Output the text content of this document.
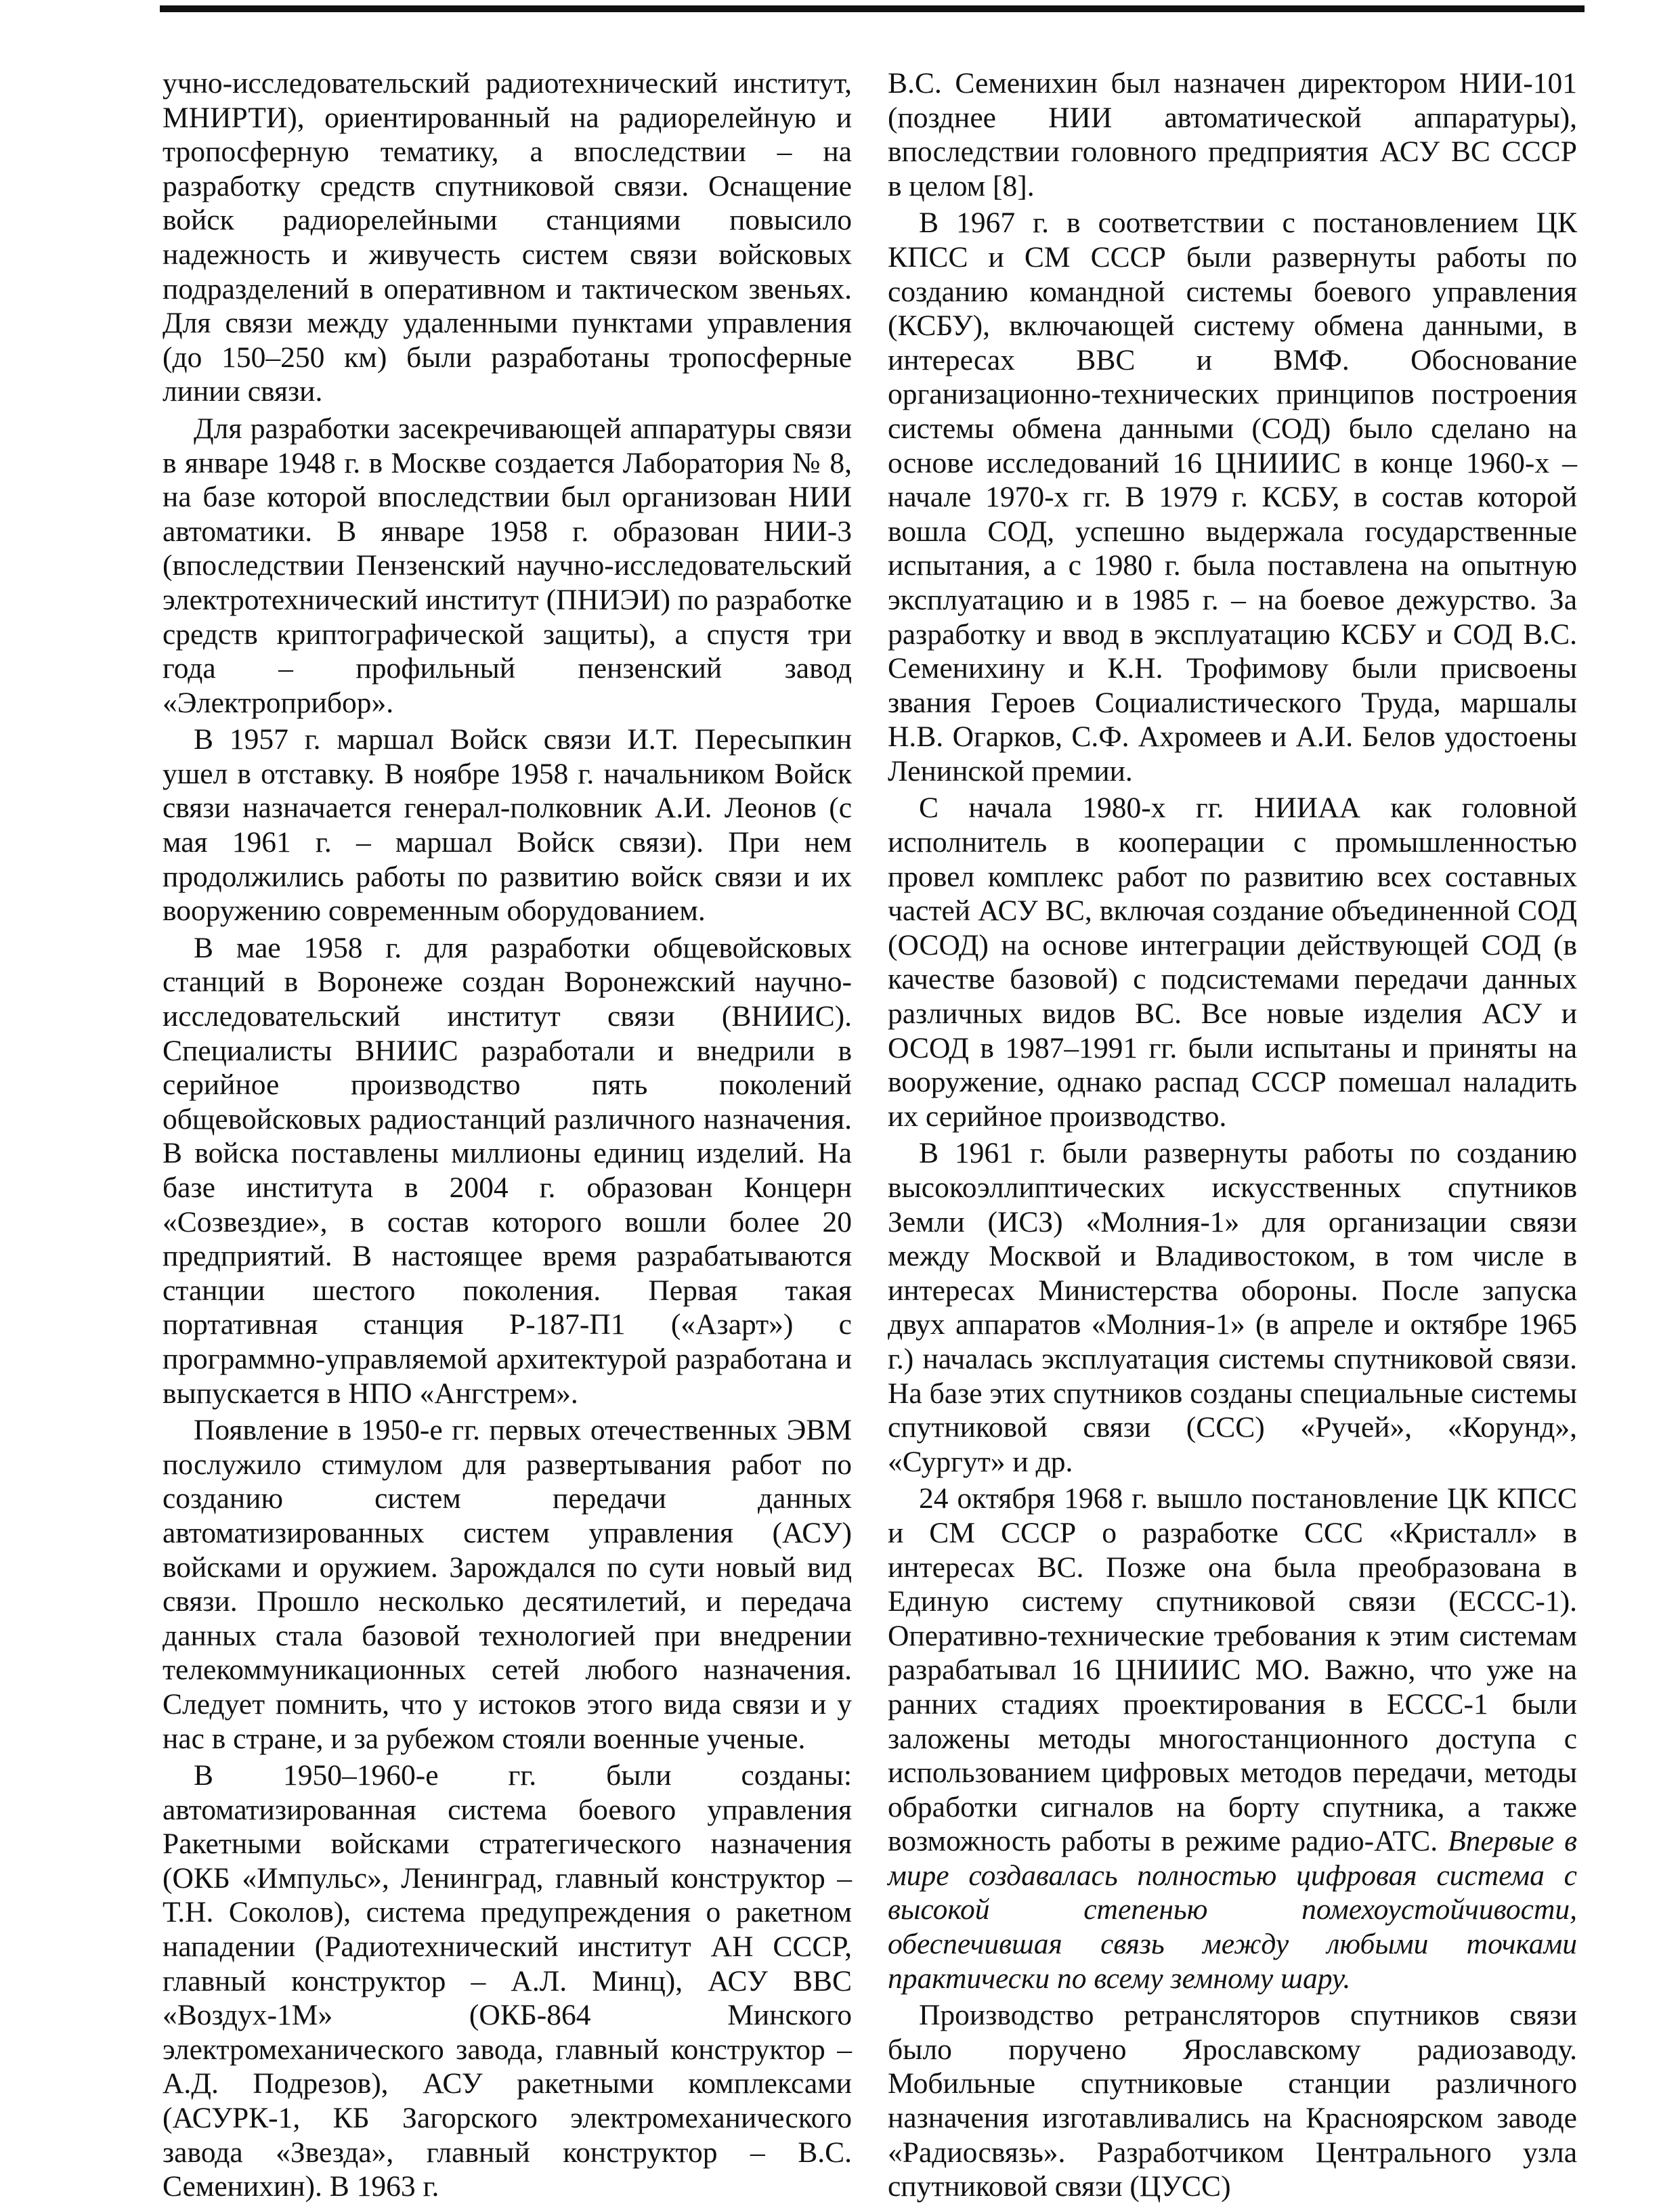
учно-исследовательский радиотехнический институт, МНИРТИ), ориентированный на радиорелейную и тропосферную тематику, а впоследствии – на разработку средств спутниковой связи. Оснащение войск радиорелейными станциями повысило надежность и живучесть систем связи войсковых подразделений в оперативном и тактическом звеньях. Для связи между удаленными пунктами управления (до 150–250 км) были разработаны тропосферные линии связи.

Для разработки засекречивающей аппаратуры связи в январе 1948 г. в Москве создается Лаборатория № 8, на базе которой впоследствии был организован НИИ автоматики. В январе 1958 г. образован НИИ-3 (впоследствии Пензенский научно-исследовательский электротехнический институт (ПНИЭИ) по разработке средств криптографической защиты), а спустя три года – профильный пензенский завод «Электроприбор».

В 1957 г. маршал Войск связи И.Т. Пересыпкин ушел в отставку. В ноябре 1958 г. начальником Войск связи назначается генерал-полковник А.И. Леонов (с мая 1961 г. – маршал Войск связи). При нем продолжились работы по развитию войск связи и их вооружению современным оборудованием.

В мае 1958 г. для разработки общевойсковых станций в Воронеже создан Воронежский научно-исследовательский институт связи (ВНИИС). Специалисты ВНИИС разработали и внедрили в серийное производство пять поколений общевойсковых радиостанций различного назначения. В войска поставлены миллионы единиц изделий. На базе института в 2004 г. образован Концерн «Созвездие», в состав которого вошли более 20 предприятий. В настоящее время разрабатываются станции шестого поколения. Первая такая портативная станция Р-187-П1 («Азарт») с программно-управляемой архитектурой разработана и выпускается в НПО «Ангстрем».

Появление в 1950-е гг. первых отечественных ЭВМ послужило стимулом для развертывания работ по созданию систем передачи данных автоматизированных систем управления (АСУ) войсками и оружием. Зарождался по сути новый вид связи. Прошло несколько десятилетий, и передача данных стала базовой технологией при внедрении телекоммуникационных сетей любого назначения. Следует помнить, что у истоков этого вида связи и у нас в стране, и за рубежом стояли военные ученые.

В 1950–1960-е гг. были созданы: автоматизированная система боевого управления Ракетными войсками стратегического назначения (ОКБ «Импульс», Ленинград, главный конструктор – Т.Н. Соколов), система предупреждения о ракетном нападении (Радиотехнический институт АН СССР, главный конструктор – А.Л. Минц), АСУ ВВС «Воздух-1М» (ОКБ-864 Минского электромеханического завода, главный конструктор – А.Д. Подрезов), АСУ ракетными комплексами (АСУРК-1, КБ Загорского электромеханического завода «Звезда», главный конструктор – В.С. Семенихин). В 1963 г.

В.С. Семенихин был назначен директором НИИ-101 (позднее НИИ автоматической аппаратуры), впоследствии головного предприятия АСУ ВС СССР в целом [8].

В 1967 г. в соответствии с постановлением ЦК КПСС и СМ СССР были развернуты работы по созданию командной системы боевого управления (КСБУ), включающей систему обмена данными, в интересах ВВС и ВМФ. Обоснование организационно-технических принципов построения системы обмена данными (СОД) было сделано на основе исследований 16 ЦНИИИС в конце 1960-х – начале 1970-х гг. В 1979 г. КСБУ, в состав которой вошла СОД, успешно выдержала государственные испытания, а с 1980 г. была поставлена на опытную эксплуатацию и в 1985 г. – на боевое дежурство. За разработку и ввод в эксплуатацию КСБУ и СОД В.С. Семенихину и К.Н. Трофимову были присвоены звания Героев Социалистического Труда, маршалы Н.В. Огарков, С.Ф. Ахромеев и А.И. Белов удостоены Ленинской премии.

С начала 1980-х гг. НИИАА как головной исполнитель в кооперации с промышленностью провел комплекс работ по развитию всех составных частей АСУ ВС, включая создание объединенной СОД (ОСОД) на основе интеграции действующей СОД (в качестве базовой) с подсистемами передачи данных различных видов ВС. Все новые изделия АСУ и ОСОД в 1987–1991 гг. были испытаны и приняты на вооружение, однако распад СССР помешал наладить их серийное производство.

В 1961 г. были развернуты работы по созданию высокоэллиптических искусственных спутников Земли (ИСЗ) «Молния-1» для организации связи между Москвой и Владивостоком, в том числе в интересах Министерства обороны. После запуска двух аппаратов «Молния-1» (в апреле и октябре 1965 г.) началась эксплуатация системы спутниковой связи. На базе этих спутников созданы специальные системы спутниковой связи (ССС) «Ручей», «Корунд», «Сургут» и др.

24 октября 1968 г. вышло постановление ЦК КПСС и СМ СССР о разработке ССС «Кристалл» в интересах ВС. Позже она была преобразована в Единую систему спутниковой связи (ЕССС-1). Оперативно-технические требования к этим системам разрабатывал 16 ЦНИИИС МО. Важно, что уже на ранних стадиях проектирования в ЕССС-1 были заложены методы многостанционного доступа с использованием цифровых методов передачи, методы обработки сигналов на борту спутника, а также возможность работы в режиме радио-АТС. Впервые в мире создавалась полностью цифровая система с высокой степенью помехоустойчивости, обеспечившая связь между любыми точками практически по всему земному шару.

Производство ретрансляторов спутников связи было поручено Ярославскому радиозаводу. Мобильные спутниковые станции различного назначения изготавливались на Красноярском заводе «Радиосвязь». Разработчиком Центрального узла спутниковой связи (ЦУСС)
